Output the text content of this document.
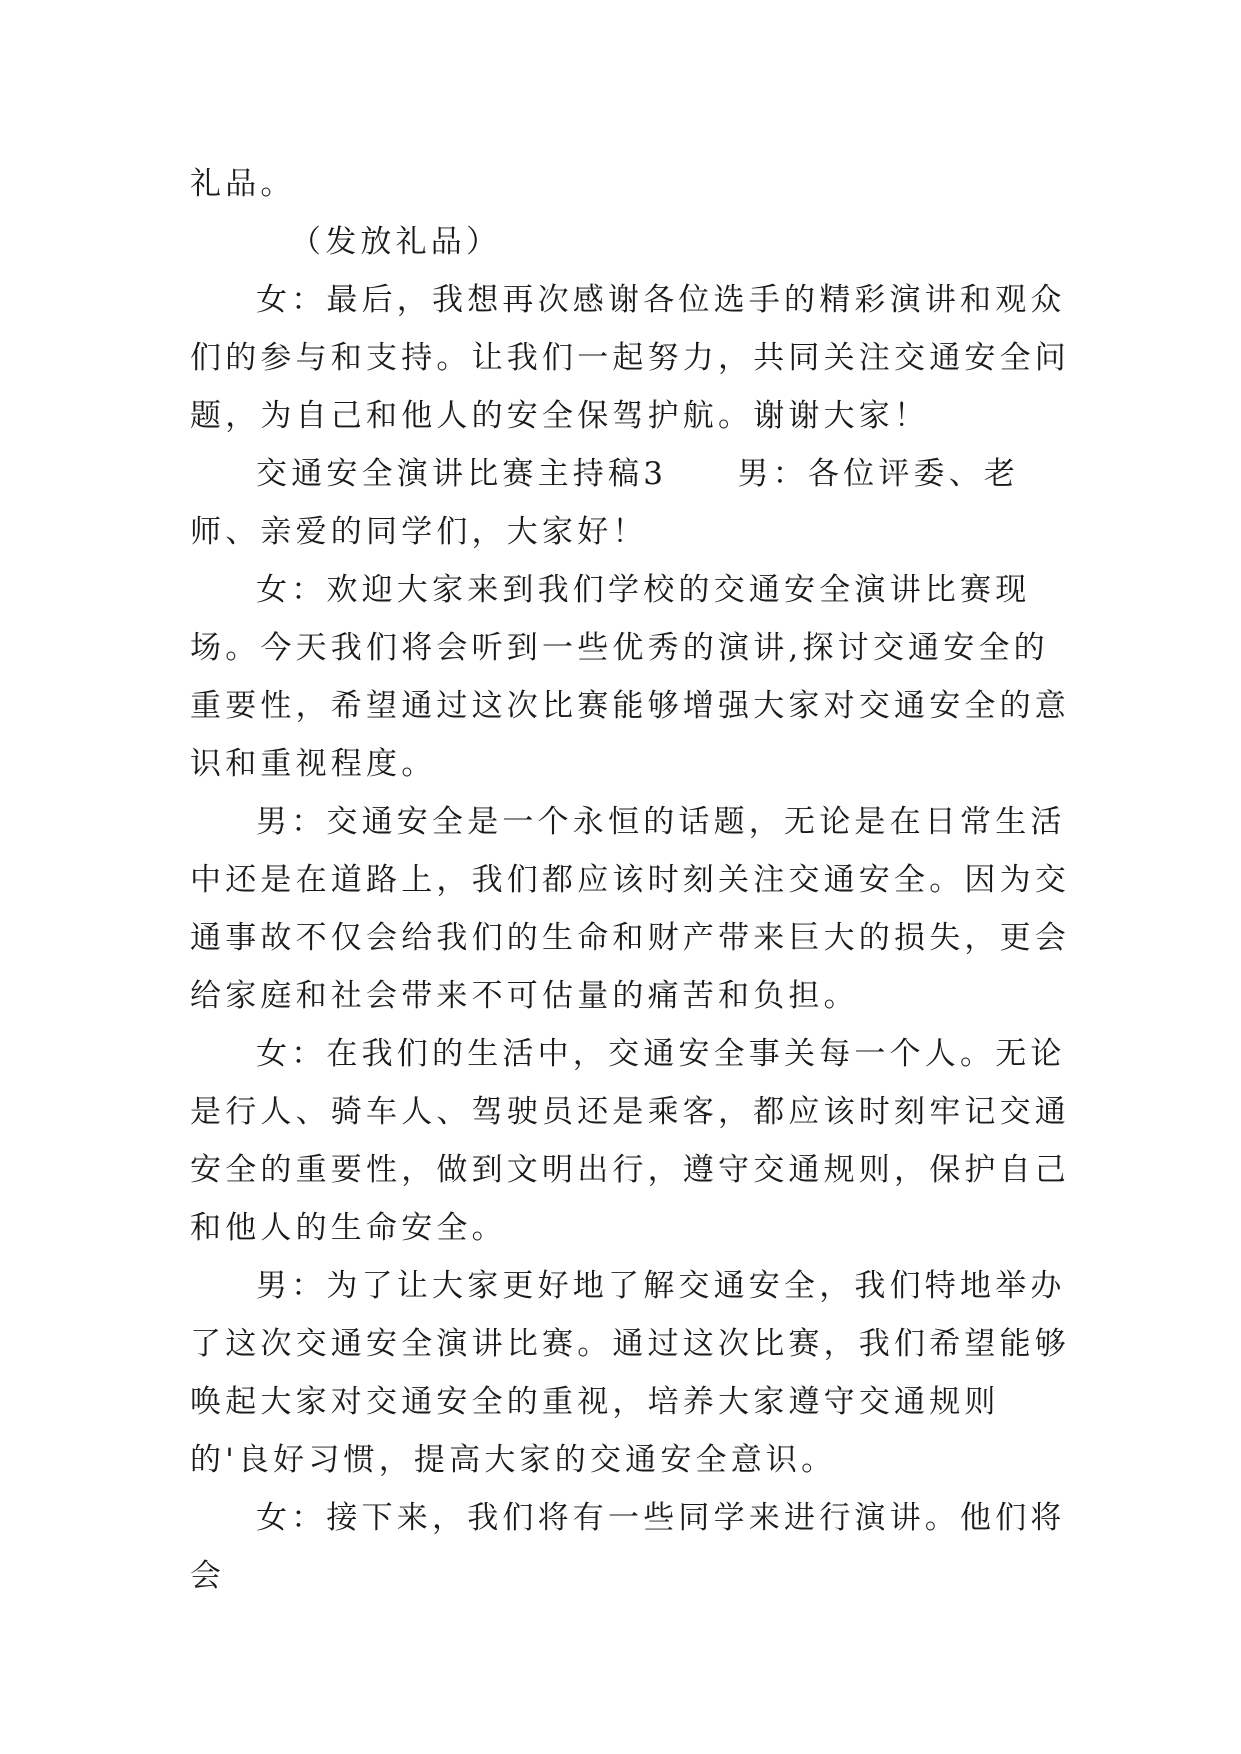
礼品。

（发放礼品）

女：最后，我想再次感谢各位选手的精彩演讲和观众们的参与和支持。让我们一起努力，共同关注交通安全问题，为自己和他人的安全保驾护航。谢谢大家！

交通安全演讲比赛主持稿3　　男：各位评委、老师、亲爱的同学们，大家好！

女：欢迎大家来到我们学校的交通安全演讲比赛现场。今天我们将会听到一些优秀的演讲,探讨交通安全的重要性，希望通过这次比赛能够增强大家对交通安全的意识和重视程度。

男：交通安全是一个永恒的话题，无论是在日常生活中还是在道路上，我们都应该时刻关注交通安全。因为交通事故不仅会给我们的生命和财产带来巨大的损失，更会给家庭和社会带来不可估量的痛苦和负担。

女：在我们的生活中，交通安全事关每一个人。无论是行人、骑车人、驾驶员还是乘客，都应该时刻牢记交通安全的重要性，做到文明出行，遵守交通规则，保护自己和他人的生命安全。

男：为了让大家更好地了解交通安全，我们特地举办了这次交通安全演讲比赛。通过这次比赛，我们希望能够唤起大家对交通安全的重视，培养大家遵守交通规则的'良好习惯，提高大家的交通安全意识。

女：接下来，我们将有一些同学来进行演讲。他们将会
